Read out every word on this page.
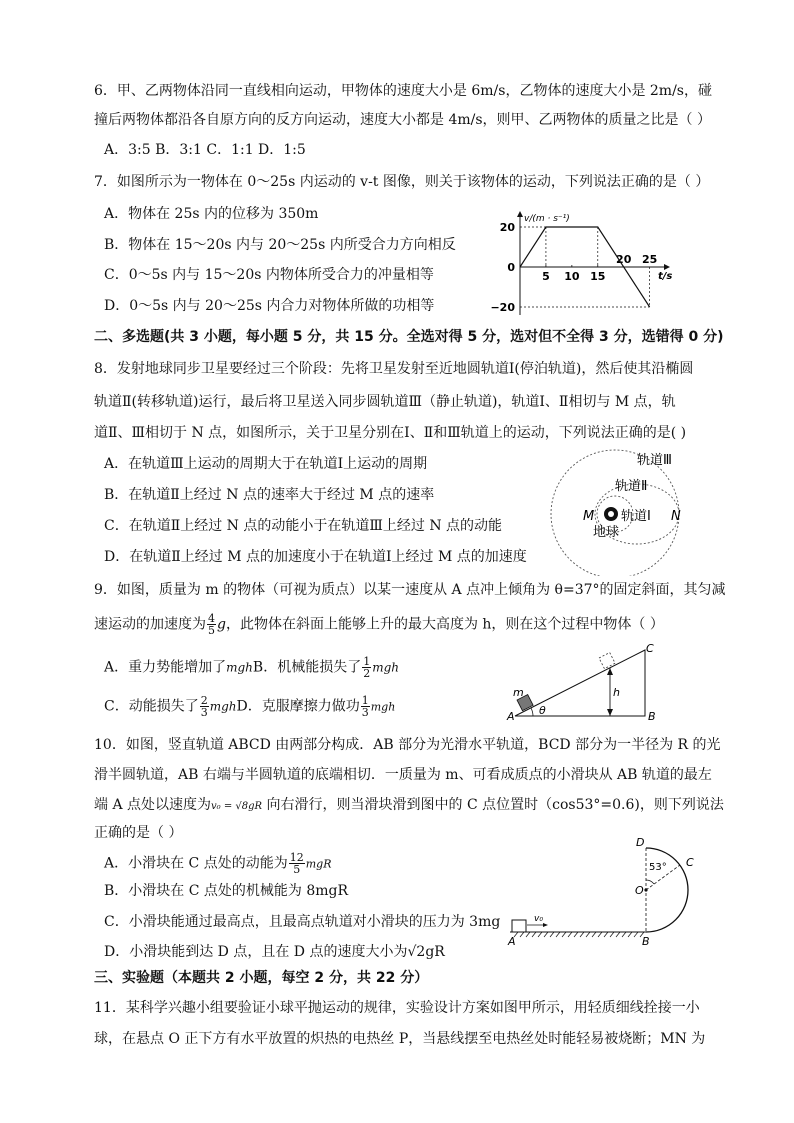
6．甲、乙两物体沿同一直线相向运动，甲物体的速度大小是 6m/s，乙物体的速度大小是 2m/s，碰
撞后两物体都沿各自原方向的反方向运动，速度大小都是 4m/s，则甲、乙两物体的质量之比是（ ）
A．3:5 B．3:1 C．1:1 D．1:5
7．如图所示为一物体在 0～25s 内运动的 v-t 图像，则关于该物体的运动，下列说法正确的是（ ）
A．物体在 25s 内的位移为 350m
B．物体在 15～20s 内与 20～25s 内所受合力方向相反
C．0～5s 内与 15～20s 内物体所受合力的冲量相等
D．0～5s 内与 20～25s 内合力对物体所做的功相等
v/(m · s⁻¹)
t/s
20
0
−20
5 10 15
20 25
二、多选题(共 3 小题，每小题 5 分，共 15 分。全选对得 5 分，选对但不全得 3 分，选错得 0 分)
8．发射地球同步卫星要经过三个阶段：先将卫星发射至近地圆轨道Ⅰ(停泊轨道)，然后使其沿椭圆
轨道Ⅱ(转移轨道)运行，最后将卫星送入同步圆轨道Ⅲ（静止轨道)，轨道Ⅰ、Ⅱ相切与 M 点，轨
道Ⅱ、Ⅲ相切于 N 点，如图所示，关于卫星分别在Ⅰ、Ⅱ和Ⅲ轨道上的运动，下列说法正确的是( )
A．在轨道Ⅲ上运动的周期大于在轨道Ⅰ上运动的周期
B．在轨道Ⅱ上经过 N 点的速率大于经过 M 点的速率
C．在轨道Ⅱ上经过 N 点的动能小于在轨道Ⅲ上经过 N 点的动能
D．在轨道Ⅱ上经过 M 点的加速度小于在轨道Ⅰ上经过 M 点的加速度
轨道Ⅲ
轨道Ⅱ
轨道Ⅰ
地球
M	N
9．如图，质量为 m 的物体（可视为质点）以某一速度从 A 点冲上倾角为 θ=37°的固定斜面，其匀减
速运动的加速度为 $\frac{4}{5}$ g，此物体在斜面上能够上升的最大高度为 h，则在这个过程中物体（ ）
A．重力势能增加了mghB．机械能损失了 $\frac{1}{2}$ mgh
C．动能损失了 $\frac{2}{3}$ mghD．克服摩擦力做功 $\frac{1}{3}$ mgh
m
A	B
C
h
θ
10．如图，竖直轨道 ABCD 由两部分构成．AB 部分为光滑水平轨道，BCD 部分为一半径为 R 的光
滑半圆轨道，AB 右端与半圆轨道的底端相切．一质量为 m、可看成质点的小滑块从 AB 轨道的最左
端 A 点处以速度为v₀ = √8gR 向右滑行，则当滑块滑到图中的 C 点位置时（cos53°=0.6)，则下列说法
正确的是（ ）
A．小滑块在 C 点处的动能为 $\frac{12}{5}$ mgR
B．小滑块在 C 点处的机械能为 8mgR
C．小滑块能通过最高点，且最高点轨道对小滑块的压力为 3mg
D．小滑块能到达 D 点，且在 D 点的速度大小为√2gR
v₀
D
C
O
53°
A	B
三、实验题（本题共 2 小题，每空 2 分，共 22 分）
11．某科学兴趣小组要验证小球平抛运动的规律，实验设计方案如图甲所示，用轻质细线拴接一小
球，在悬点 O 正下方有水平放置的炽热的电热丝 P，当悬线摆至电热丝处时能轻易被烧断；MN 为
